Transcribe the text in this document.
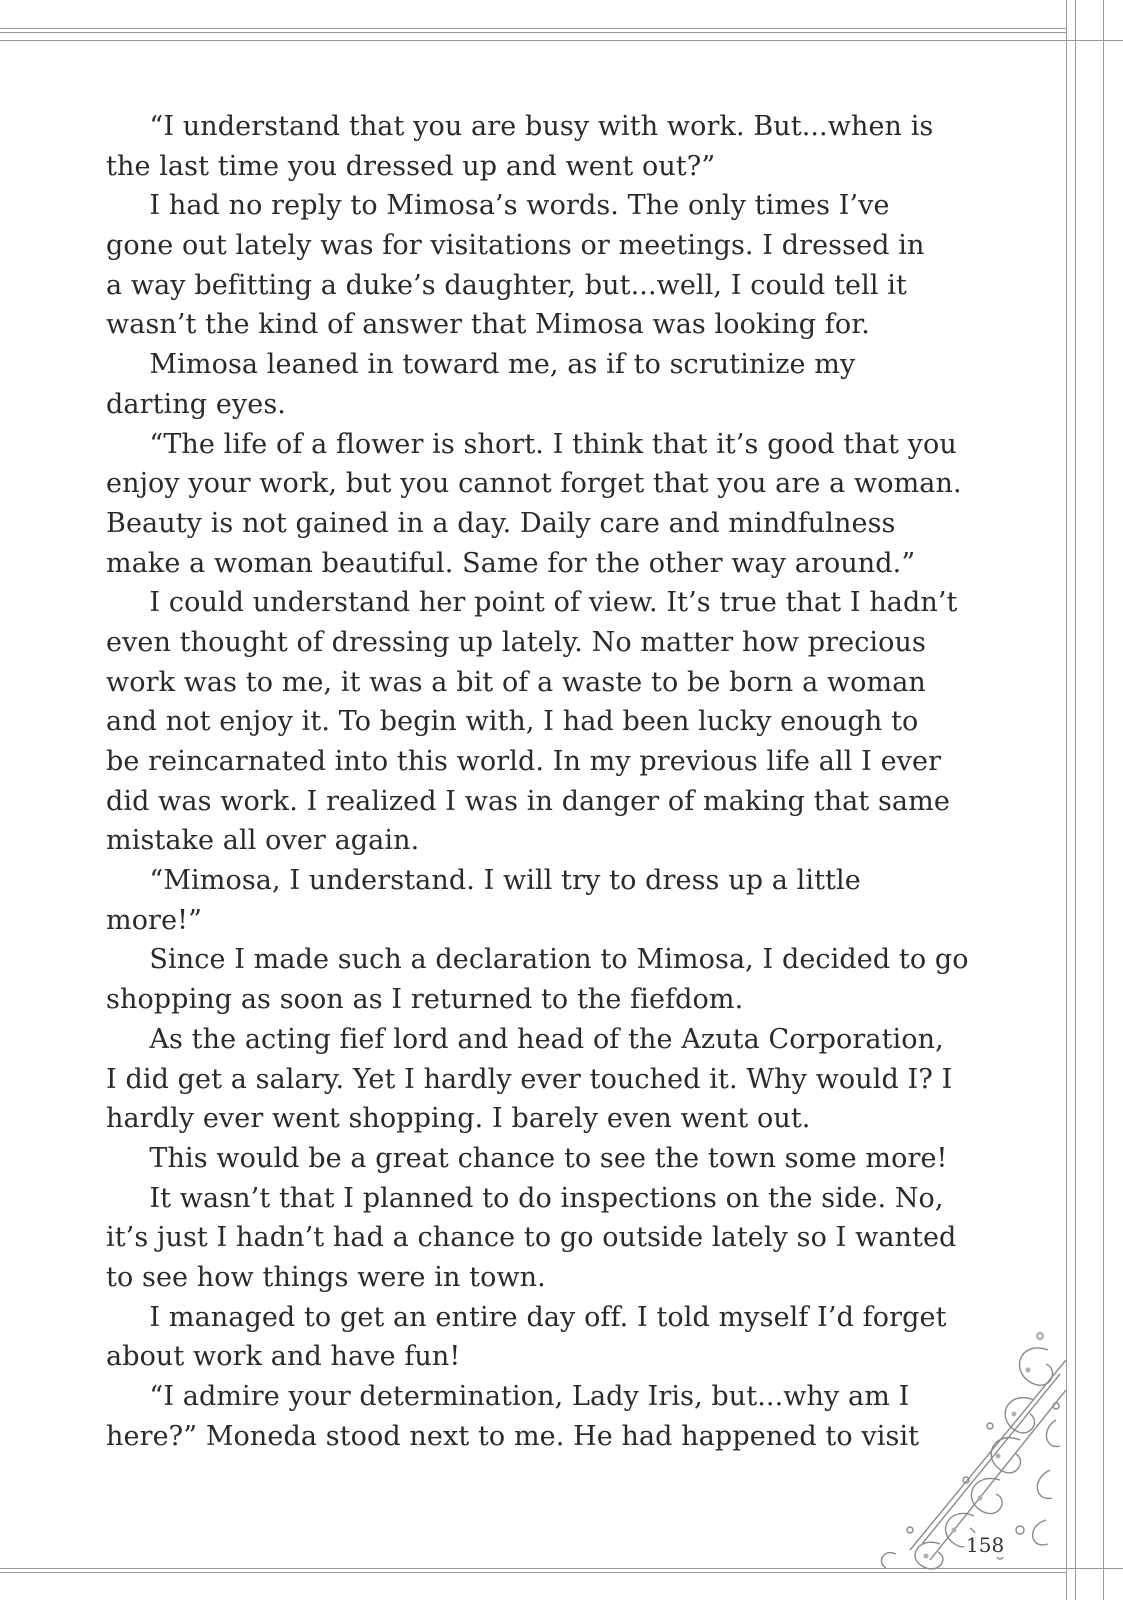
“I understand that you are busy with work. But...when is
the last time you dressed up and went out?”
I had no reply to Mimosa’s words. The only times I’ve
gone out lately was for visitations or meetings. I dressed in
a way befitting a duke’s daughter, but...well, I could tell it
wasn’t the kind of answer that Mimosa was looking for.
Mimosa leaned in toward me, as if to scrutinize my
darting eyes.
“The life of a flower is short. I think that it’s good that you
enjoy your work, but you cannot forget that you are a woman.
Beauty is not gained in a day. Daily care and mindfulness
make a woman beautiful. Same for the other way around.”
I could understand her point of view. It’s true that I hadn’t
even thought of dressing up lately. No matter how precious
work was to me, it was a bit of a waste to be born a woman
and not enjoy it. To begin with, I had been lucky enough to
be reincarnated into this world. In my previous life all I ever
did was work. I realized I was in danger of making that same
mistake all over again.
“Mimosa, I understand. I will try to dress up a little
more!”
Since I made such a declaration to Mimosa, I decided to go
shopping as soon as I returned to the fiefdom.
As the acting fief lord and head of the Azuta Corporation,
I did get a salary. Yet I hardly ever touched it. Why would I? I
hardly ever went shopping. I barely even went out.
This would be a great chance to see the town some more!
It wasn’t that I planned to do inspections on the side. No,
it’s just I hadn’t had a chance to go outside lately so I wanted
to see how things were in town.
I managed to get an entire day off. I told myself I’d forget
about work and have fun!
“I admire your determination, Lady Iris, but...why am I
here?” Moneda stood next to me. He had happened to visit
158
